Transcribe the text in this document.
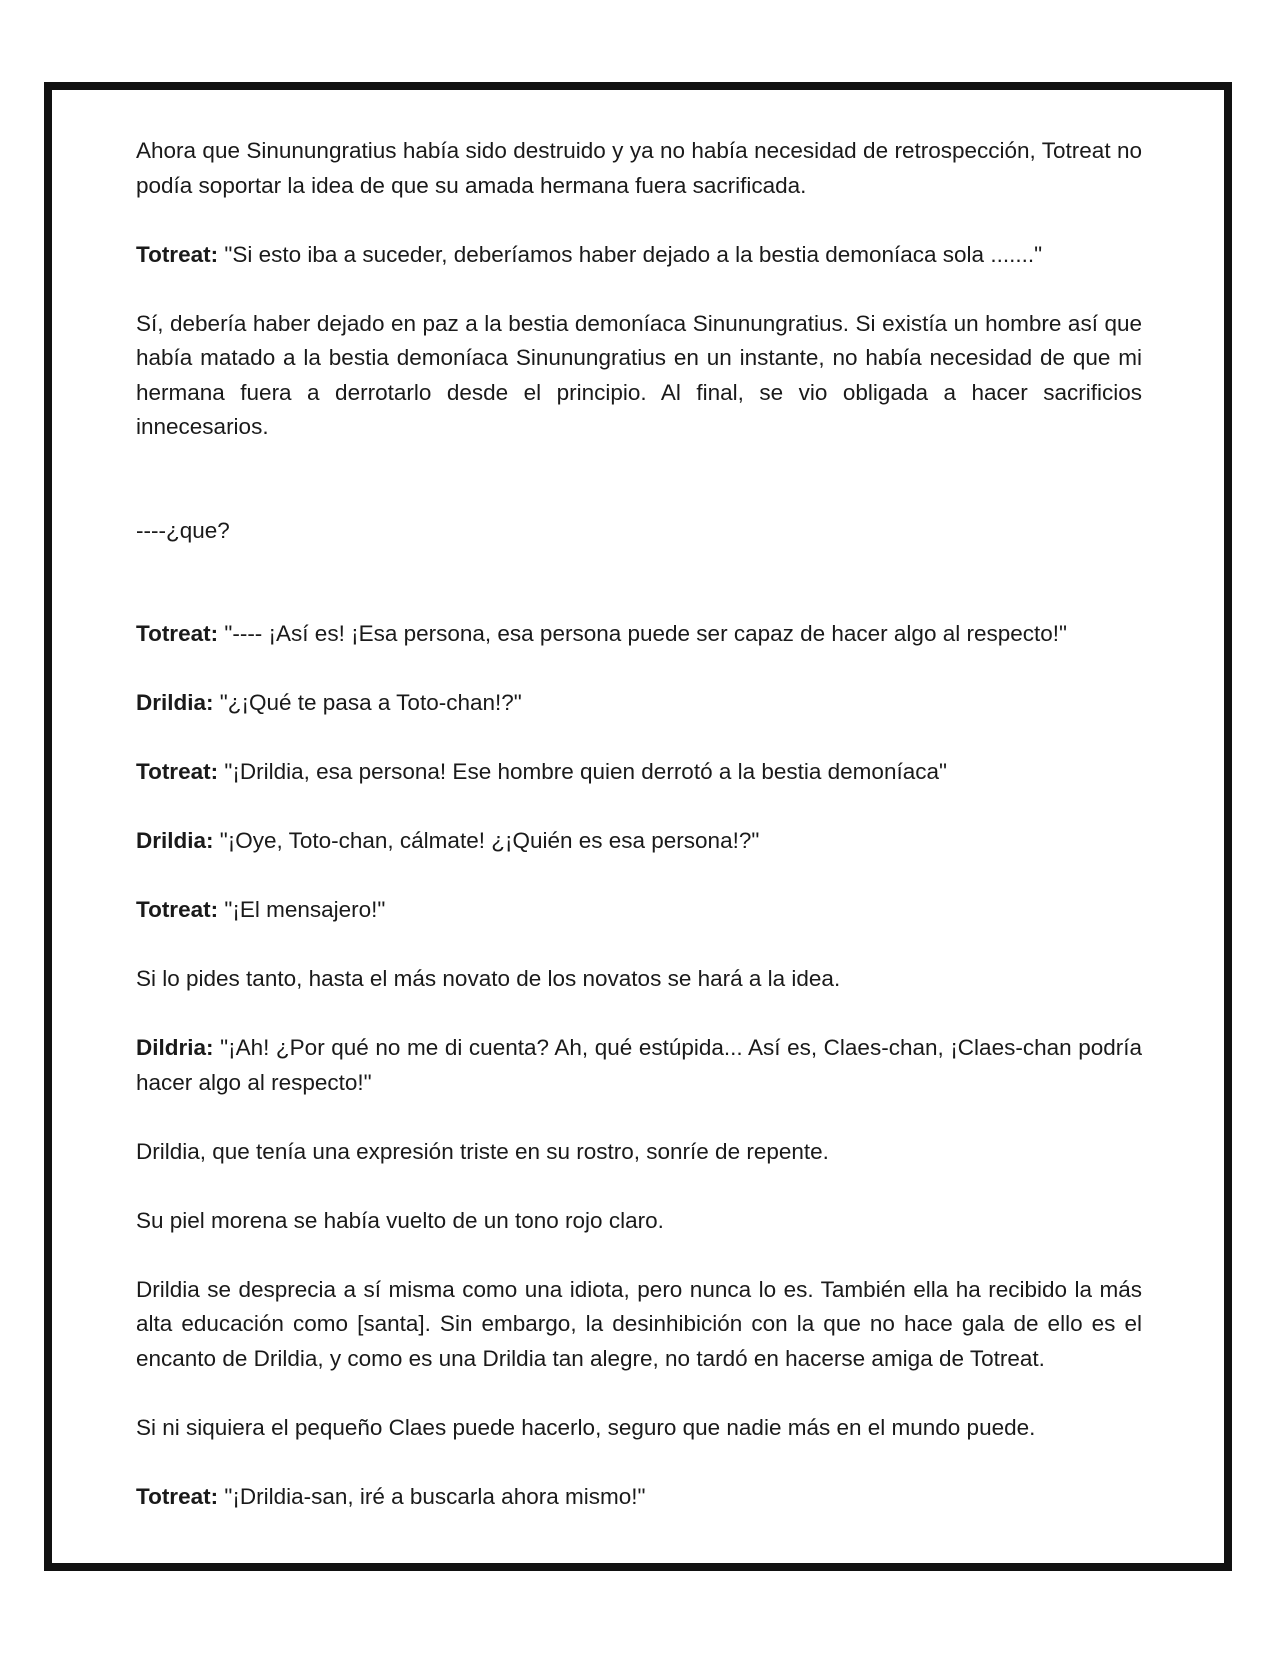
Ahora que Sinunungratius había sido destruido y ya no había necesidad de retrospección, Totreat no podía soportar la idea de que su amada hermana fuera sacrificada.

Totreat: "Si esto iba a suceder, deberíamos haber dejado a la bestia demoníaca sola ......."

Sí, debería haber dejado en paz a la bestia demoníaca Sinunungratius. Si existía un hombre así que había matado a la bestia demoníaca Sinunungratius en un instante, no había necesidad de que mi hermana fuera a derrotarlo desde el principio. Al final, se vio obligada a hacer sacrificios innecesarios.

----¿que?

Totreat: "---- ¡Así es! ¡Esa persona, esa persona puede ser capaz de hacer algo al respecto!"

Drildia: "¿¡Qué te pasa a Toto-chan!?"

Totreat: "¡Drildia, esa persona! Ese hombre quien derrotó a la bestia demoníaca"

Drildia: "¡Oye, Toto-chan, cálmate! ¿¡Quién es esa persona!?"

Totreat: "¡El mensajero!"

Si lo pides tanto, hasta el más novato de los novatos se hará a la idea.

Dildria: "¡Ah! ¿Por qué no me di cuenta? Ah, qué estúpida... Así es, Claes-chan, ¡Claes-chan podría hacer algo al respecto!"

Drildia, que tenía una expresión triste en su rostro, sonríe de repente.

Su piel morena se había vuelto de un tono rojo claro.

Drildia se desprecia a sí misma como una idiota, pero nunca lo es. También ella ha recibido la más alta educación como [santa]. Sin embargo, la desinhibición con la que no hace gala de ello es el encanto de Drildia, y como es una Drildia tan alegre, no tardó en hacerse amiga de Totreat.

Si ni siquiera el pequeño Claes puede hacerlo, seguro que nadie más en el mundo puede.

Totreat: "¡Drildia-san, iré a buscarla ahora mismo!"
